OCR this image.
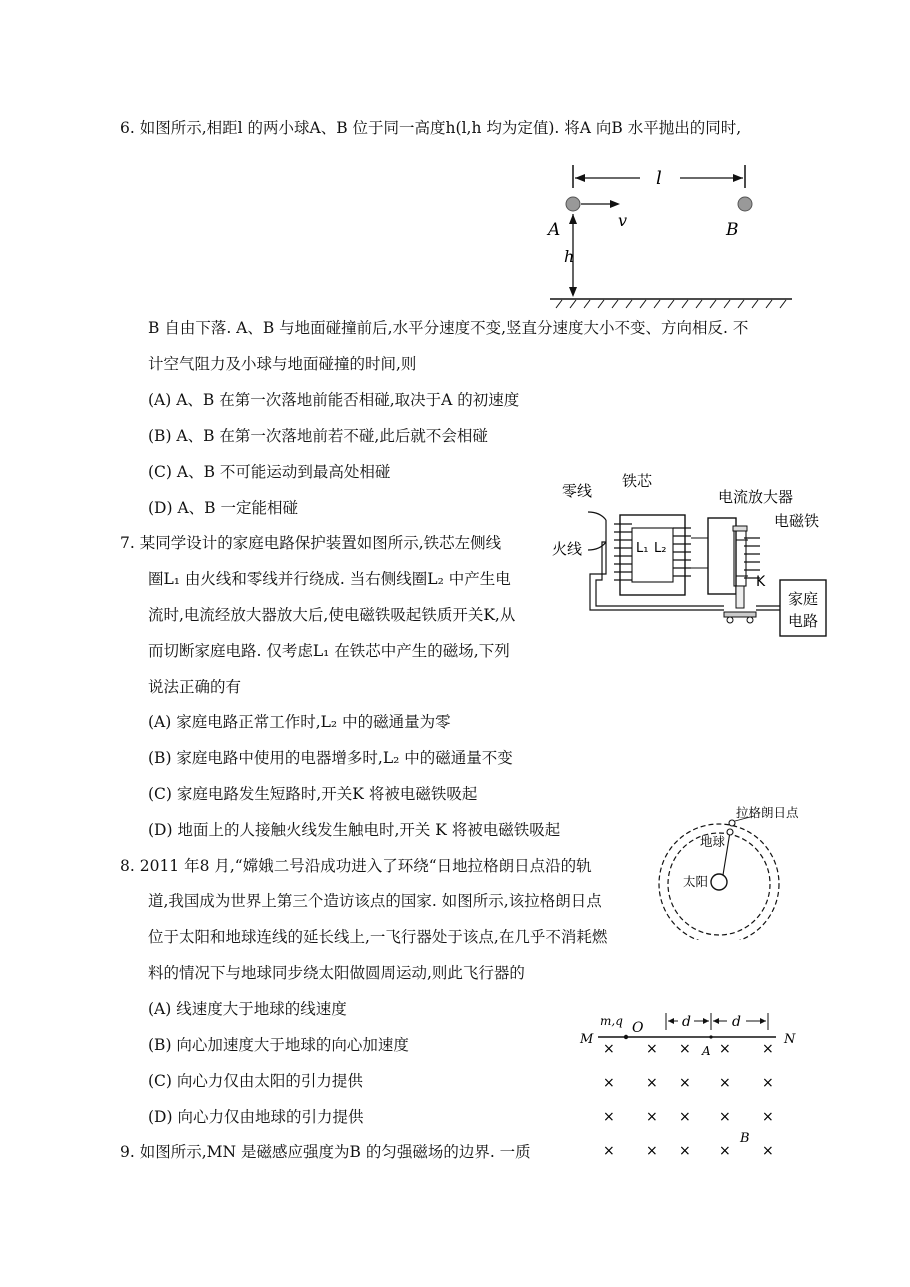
6. 如图所示,相距l 的两小球A、B 位于同一高度h(l,h 均为定值). 将A 向B 水平抛出的同时,
l
v
A	B
h
B 自由下落. A、B 与地面碰撞前后,水平分速度不变,竖直分速度大小不变、方向相反. 不
计空气阻力及小球与地面碰撞的时间,则
(A) A、B 在第一次落地前能否相碰,取决于A 的初速度
(B) A、B 在第一次落地前若不碰,此后就不会相碰
(C) A、B 不可能运动到最高处相碰
(D) A、B 一定能相碰
零线
铁芯
电流放大器
电磁铁
火线	L₁ L₂
K
家庭
电路
7. 某同学设计的家庭电路保护装置如图所示,铁芯左侧线
圈L₁ 由火线和零线并行绕成. 当右侧线圈L₂ 中产生电
流时,电流经放大器放大后,使电磁铁吸起铁质开关K,从
而切断家庭电路. 仅考虑L₁ 在铁芯中产生的磁场,下列
说法正确的有
(A) 家庭电路正常工作时,L₂ 中的磁通量为零
(B) 家庭电路中使用的电器增多时,L₂ 中的磁通量不变
(C) 家庭电路发生短路时,开关K 将被电磁铁吸起
(D) 地面上的人接触火线发生触电时,开关 K 将被电磁铁吸起
拉格朗日点
地球
太阳
8. 2011 年8 月,“嫦娥二号沿成功进入了环绕“日地拉格朗日点沿的轨
道,我国成为世界上第三个造访该点的国家. 如图所示,该拉格朗日点
位于太阳和地球连线的延长线上,一飞行器处于该点,在几乎不消耗燃
料的情况下与地球同步绕太阳做圆周运动,则此飞行器的
(A) 线速度大于地球的线速度
(B) 向心加速度大于地球的向心加速度
(C) 向心力仅由太阳的引力提供
(D) 向心力仅由地球的引力提供
m,q O	d	d
M	N
A
B
× × × × ×
× × × × ×
× × × × ×
× × × × ×
9. 如图所示,MN 是磁感应强度为B 的匀强磁场的边界. 一质
